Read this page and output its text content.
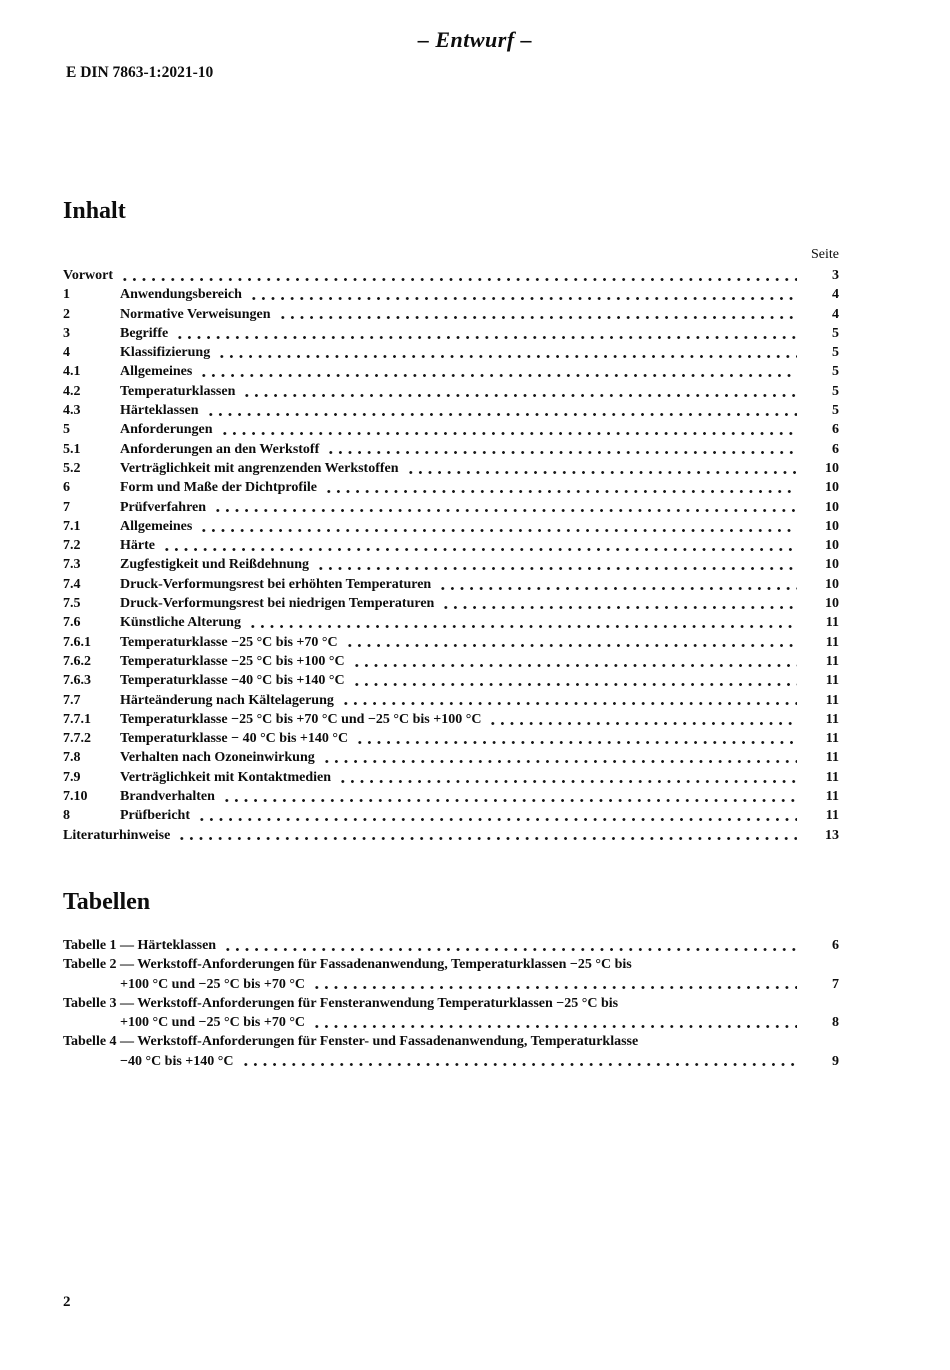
– Entwurf –
E DIN 7863-1:2021-10
Inhalt
Seite
Vorwort	3
1	Anwendungsbereich	4
2	Normative Verweisungen	4
3	Begriffe	5
4	Klassifizierung	5
4.1	Allgemeines	5
4.2	Temperaturklassen	5
4.3	Härteklassen	5
5	Anforderungen	6
5.1	Anforderungen an den Werkstoff	6
5.2	Verträglichkeit mit angrenzenden Werkstoffen	10
6	Form und Maße der Dichtprofile	10
7	Prüfverfahren	10
7.1	Allgemeines	10
7.2	Härte	10
7.3	Zugfestigkeit und Reißdehnung	10
7.4	Druck-Verformungsrest bei erhöhten Temperaturen	10
7.5	Druck-Verformungsrest bei niedrigen Temperaturen	10
7.6	Künstliche Alterung	11
7.6.1	Temperaturklasse −25 °C bis +70 °C	11
7.6.2	Temperaturklasse −25 °C bis +100 °C	11
7.6.3	Temperaturklasse −40 °C bis +140 °C	11
7.7	Härteänderung nach Kältelagerung	11
7.7.1	Temperaturklasse −25 °C bis +70 °C und −25 °C bis +100 °C	11
7.7.2	Temperaturklasse − 40 °C bis +140 °C	11
7.8	Verhalten nach Ozoneinwirkung	11
7.9	Verträglichkeit mit Kontaktmedien	11
7.10	Brandverhalten	11
8	Prüfbericht	11
Literaturhinweise	13
Tabellen
Tabelle 1 — Härteklassen	6
Tabelle 2 — Werkstoff-Anforderungen für Fassadenanwendung, Temperaturklassen −25 °C bis
+100 °C und −25 °C bis +70 °C	7
Tabelle 3 — Werkstoff-Anforderungen für Fensteranwendung Temperaturklassen −25 °C bis
+100 °C und −25 °C bis +70 °C	8
Tabelle 4 — Werkstoff-Anforderungen für Fenster- und Fassadenanwendung, Temperaturklasse
−40 °C bis +140 °C	9
2
